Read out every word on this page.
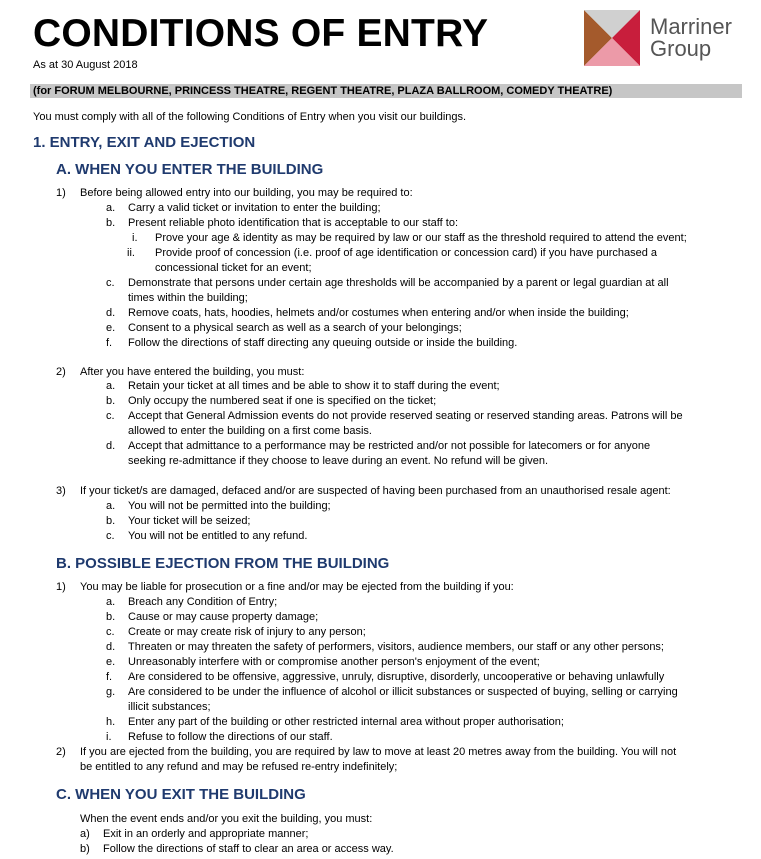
CONDITIONS OF ENTRY
As at 30 August 2018
Marriner
Group
(for FORUM MELBOURNE, PRINCESS THEATRE, REGENT THEATRE, PLAZA BALLROOM, COMEDY THEATRE)
You must comply with all of the following Conditions of Entry when you visit our buildings.
1. ENTRY, EXIT AND EJECTION
A. WHEN YOU ENTER THE BUILDING
B. POSSIBLE EJECTION FROM THE BUILDING
C. WHEN YOU EXIT THE BUILDING
1) Before being allowed entry into our building, you may be required to:
a. Carry a valid ticket or invitation to enter the building;
b. Present reliable photo identification that is acceptable to our staff to:
i. Prove your age & identity as may be required by law or our staff as the threshold required to attend the event;
ii. Provide proof of concession (i.e. proof of age identification or concession card) if you have purchased a
concessional ticket for an event;
c. Demonstrate that persons under certain age thresholds will be accompanied by a parent or legal guardian at all
times within the building;
d. Remove coats, hats, hoodies, helmets and/or costumes when entering and/or when inside the building;
e. Consent to a physical search as well as a search of your belongings;
f. Follow the directions of staff directing any queuing outside or inside the building.
2) After you have entered the building, you must:
a. Retain your ticket at all times and be able to show it to staff during the event;
b. Only occupy the numbered seat if one is specified on the ticket;
c. Accept that General Admission events do not provide reserved seating or reserved standing areas. Patrons will be
allowed to enter the building on a first come basis.
d. Accept that admittance to a performance may be restricted and/or not possible for latecomers or for anyone
seeking re-admittance if they choose to leave during an event. No refund will be given.
3) If your ticket/s are damaged, defaced and/or are suspected of having been purchased from an unauthorised resale agent:
a. You will not be permitted into the building;
b. Your ticket will be seized;
c. You will not be entitled to any refund.
1) You may be liable for prosecution or a fine and/or may be ejected from the building if you:
a. Breach any Condition of Entry;
b. Cause or may cause property damage;
c. Create or may create risk of injury to any person;
d. Threaten or may threaten the safety of performers, visitors, audience members, our staff or any other persons;
e. Unreasonably interfere with or compromise another person's enjoyment of the event;
f. Are considered to be offensive, aggressive, unruly, disruptive, disorderly, uncooperative or behaving unlawfully
g. Are considered to be under the influence of alcohol or illicit substances or suspected of buying, selling or carrying
illicit substances;
h. Enter any part of the building or other restricted internal area without proper authorisation;
i. Refuse to follow the directions of our staff.
2) If you are ejected from the building, you are required by law to move at least 20 metres away from the building. You will not
be entitled to any refund and may be refused re-entry indefinitely;
When the event ends and/or you exit the building, you must:
a) Exit in an orderly and appropriate manner;
b) Follow the directions of staff to clear an area or access way.
